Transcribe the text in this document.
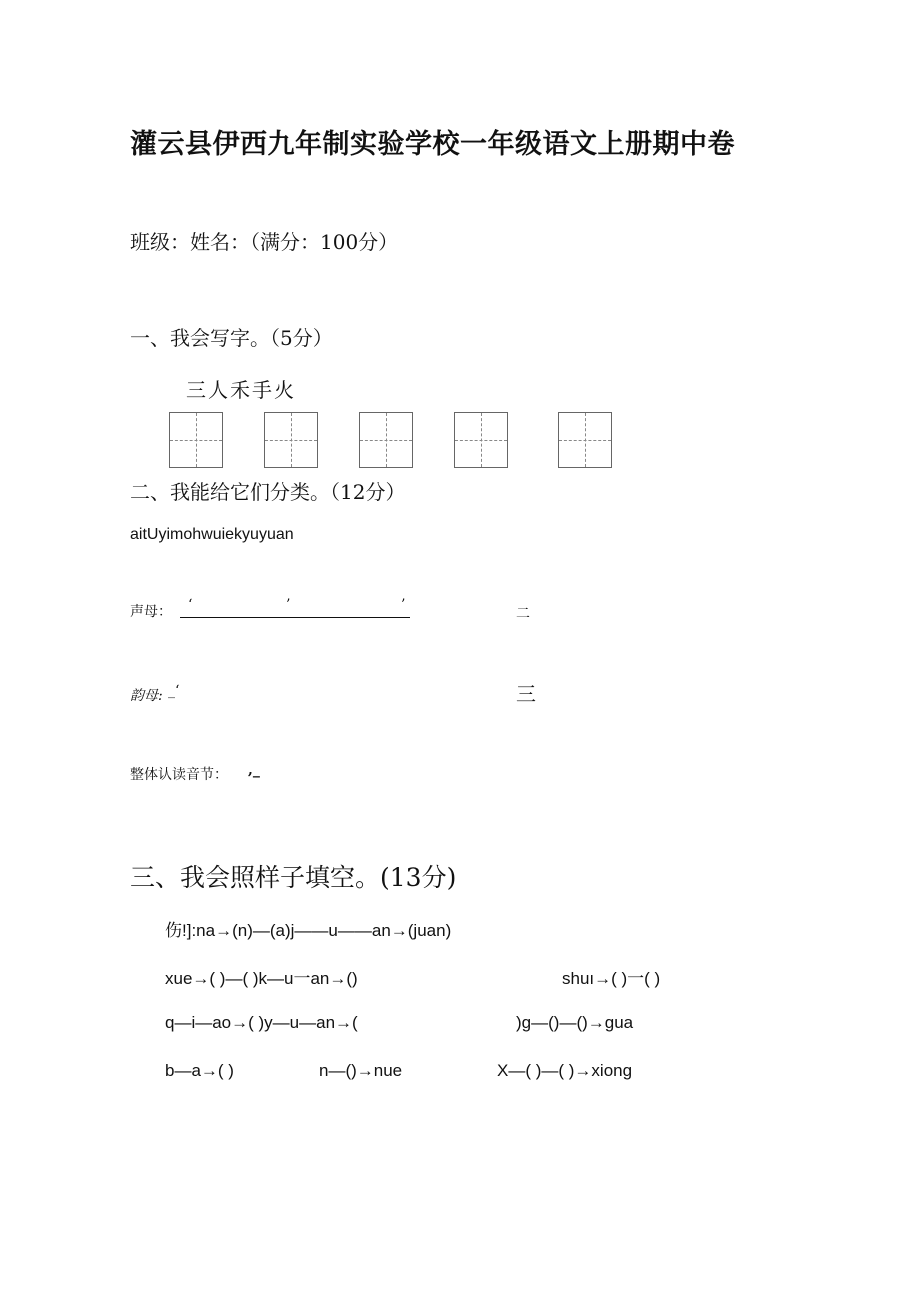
灌云县伊西九年制实验学校一年级语文上册期中卷
班级：姓名：（满分：100分）
一、我会写字。（5分）
三人禾手火
二、我能给它们分类。（12分）
aitUyimohwuiekyuyuan
声母： ‘	’	’
二
韵母: _‘	三
整体认读音节： ,_
三、我会照样子填空。(13分)
伤!]:na→(n)—(a)j——u——an→(juan)
xue→( )—( )k—u一an→()	shuı→( )一( )
q—i—ao→( )y—u—an→(	)g—()—()→gua
b—a→( )	n—()→nue	X—( )—( )→xiong
